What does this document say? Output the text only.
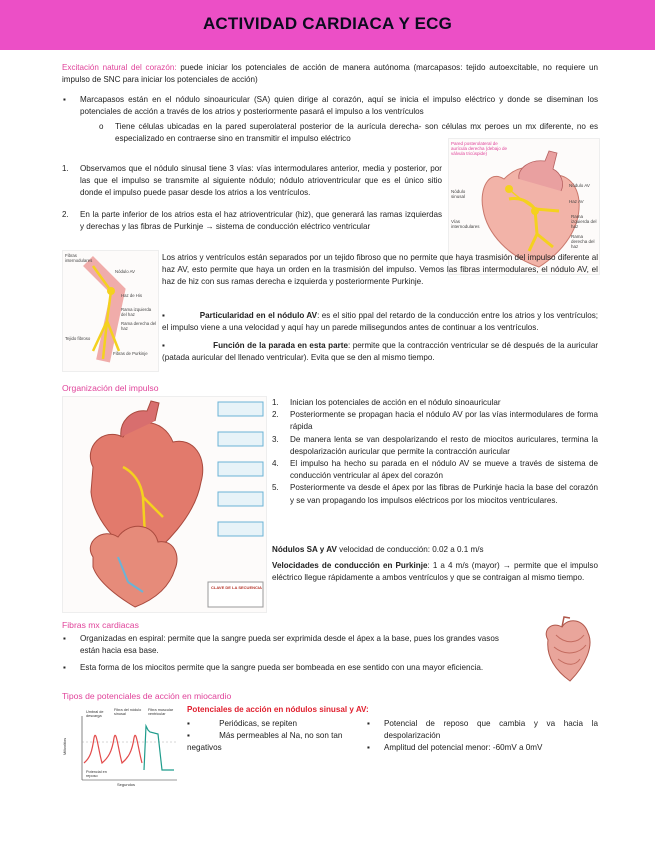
ACTIVIDAD CARDIACA Y ECG
Excitación natural del corazón: puede iniciar los potenciales de acción de manera autónoma (marcapasos: tejido autoexcitable, no requiere un impulso de SNC para iniciar los potenciales de acción)
▪ Marcapasos están en el nódulo sinoauricular (SA) quien dirige al corazón, aquí se inicia el impulso eléctrico y donde se diseminan los potenciales de acción a través de los atrios y posteriormente pasará el impulso a los ventrículos
o Tiene células ubicadas en la pared superolateral posterior de la aurícula derecha- son células mx peroes un mx diferente, no es especializado en contraerse sino en transmitir el impulso eléctrico
1. Observamos que el nódulo sinusal tiene 3 vías: vías intermodulares anterior, media y posterior, por las que el impulso se transmite al siguiente nódulo; nódulo atrioventricular que es el único sitio donde el impulso puede pasar desde los atrios a los ventrículos.
2. En la parte inferior de los atrios esta el haz atrioventricular (hiz), que generará las ramas izquierdas y derechas y las fibras de Purkinje → sistema de conducción eléctrico ventricular
Pared posterolateral de aurícula derecha (debajo de válvula tricúspide)
Nódulo sinusal
Vías internodulares
Nódulo AV
Haz AV
Rama izquierda del haz
Rama derecha del haz
Fibras internodulares
Nódulo AV
Haz de His
Rama izquierda del haz
Rama derecha del haz
Tejido fibroso
Fibras de Purkinje
Los atrios y ventrículos están separados por un tejido fibroso que no permite que haya trasmisión del impulso diferente al haz AV, esto permite que haya un orden en la trasmisión del impulso. Vemos las fibras intermodulares, el nódulo AV, el haz de hiz con sus ramas derecha e izquierda y posteriormente Purkinje.
▪	Particularidad en el nódulo AV: es el sitio ppal del retardo de la conducción entre los atrios y los ventrículos; el impulso viene a una velocidad y aquí hay un parede milisegundos antes de continuar a los ventrículos.
▪	Función de la parada en esta parte: permite que la contracción ventricular se dé después de la auricular (patada auricular del llenado ventricular). Evita que se den al mismo tiempo.
Organización del impulso
CLAVE DE LA SECUENCIA
1.	Inician los potenciales de acción en el nódulo sinoauricular
2.	Posteriormente se propagan hacia el nódulo AV por las vías intermodulares de forma rápida
3.	De manera lenta se van despolarizando el resto de miocitos auriculares, termina la despolarización auricular que permite la contracción auricular
4.	El impulso ha hecho su parada en el nódulo AV se mueve a través de sistema de conducción ventricular al ápex del corazón
5.	Posteriormente va desde el ápex por las fibras de Purkinje hacia la base del corazón y se van propagando los impulsos eléctricos por los miocitos ventriculares.
Nódulos SA y AV velocidad de conducción: 0.02 a 0.1 m/s
Velocidades de conducción en Purkinje: 1 a 4 m/s (mayor) → permite que el impulso eléctrico llegue rápidamente a ambos ventrículos y que se contraigan al mismo tiempo.
Fibras mx cardiacas
▪ Organizadas en espiral: permite que la sangre pueda ser exprimida desde el ápex a la base, pues los grandes vasos están hacia esa base.
▪ Esta forma de los miocitos permite que la sangre pueda ser bombeada en ese sentido con una mayor eficiencia.
Tipos de potenciales de acción en miocardio
Potenciales de acción en nódulos sinusal y AV:
Milivoltios
Segundos
Umbral de descarga
Fibra del nódulo sinusal
Fibra muscular ventricular
Potencial en reposo
▪	Periódicas, se repiten
▪	Más permeables al Na, no son tan negativos
▪	Potencial de reposo que cambia y va hacia la despolarización
▪	Amplitud del potencial menor: -60mV a 0mV
